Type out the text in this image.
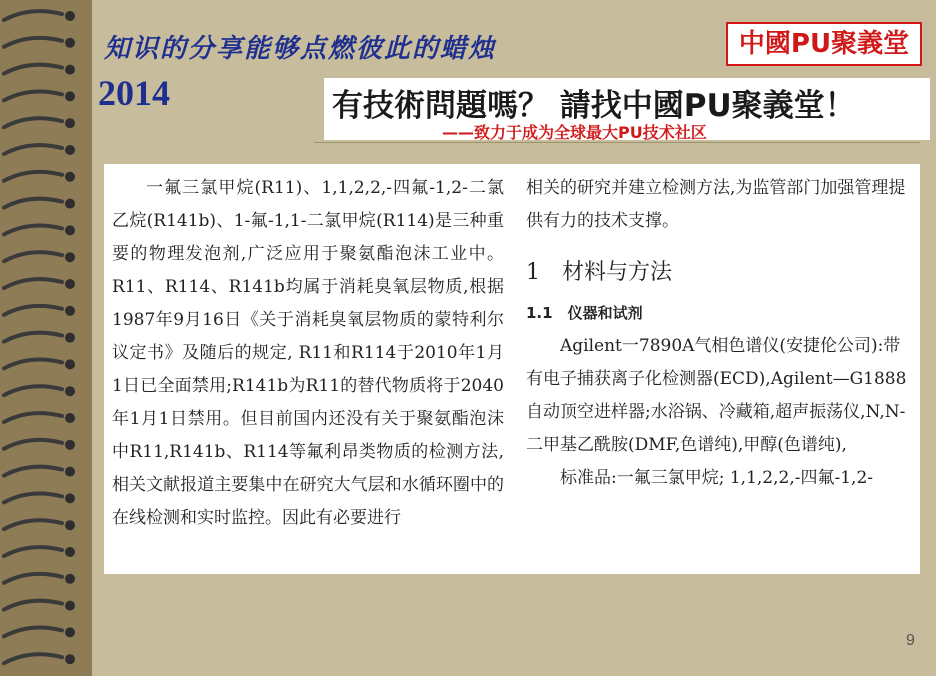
知识的分享能够点燃彼此的蜡烛
2014
中國PU聚義堂
有技術問題嗎？ 請找中國PU聚義堂！
——致力于成为全球最大PU技术社区

一氟三氯甲烷(R11)、1,1,2,2,-四氟-1,2-二氯乙烷(R141b)、1-氟-1,1-二氯甲烷(R114)是三种重要的物理发泡剂,广泛应用于聚氨酯泡沫工业中。R11、R114、R141b均属于消耗臭氧层物质,根据1987年9月16日《关于消耗臭氧层物质的蒙特利尔议定书》及随后的规定, R11和R114于2010年1月1日已全面禁用;R141b为R11的替代物质将于2040年1月1日禁用。但目前国内还没有关于聚氨酯泡沫中R11,R141b、R114等氟利昂类物质的检测方法,相关文献报道主要集中在研究大气层和水循环圈中的在线检测和实时监控。因此有必要进行

相关的研究并建立检测方法,为监管部门加强管理提供有力的技术支撑。

1　材料与方法

1.1　仪器和试剂

Agilent一7890A气相色谱仪(安捷伦公司):带有电子捕获离子化检测器(ECD),Agilent—G1888自动顶空进样器;水浴锅、冷藏箱,超声振荡仪,N,N-二甲基乙酰胺(DMF,色谱纯),甲醇(色谱纯),

标准品:一氟三氯甲烷; 1,1,2,2,-四氟-1,2-

9
